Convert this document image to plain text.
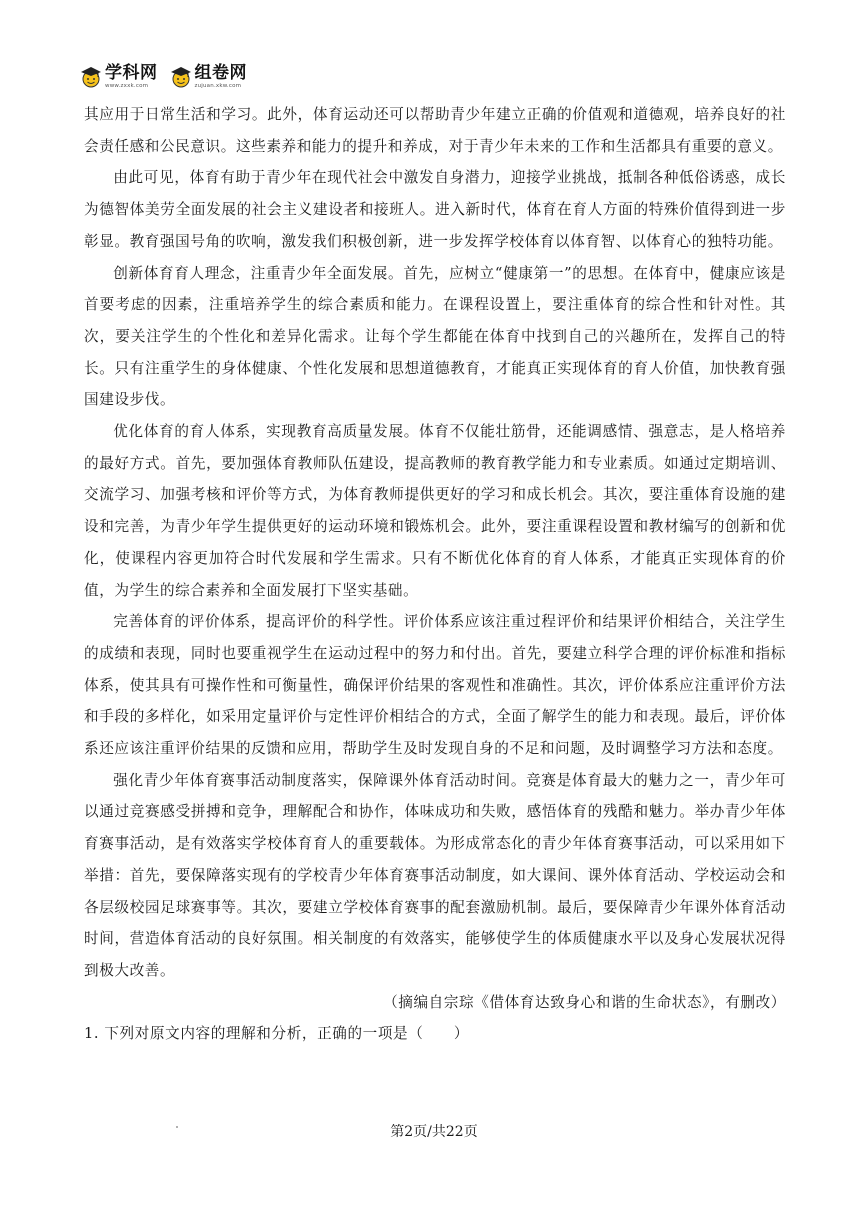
学科网
www.zxxk.com
组卷网
zujuan.xkw.com

其应用于日常生活和学习。此外，体育运动还可以帮助青少年建立正确的价值观和道德观，培养良好的社会责任感和公民意识。这些素养和能力的提升和养成，对于青少年未来的工作和生活都具有重要的意义。

由此可见，体育有助于青少年在现代社会中激发自身潜力，迎接学业挑战，抵制各种低俗诱惑，成长为德智体美劳全面发展的社会主义建设者和接班人。进入新时代，体育在育人方面的特殊价值得到进一步彰显。教育强国号角的吹响，激发我们积极创新，进一步发挥学校体育以体育智、以体育心的独特功能。

创新体育育人理念，注重青少年全面发展。首先，应树立“健康第一”的思想。在体育中，健康应该是首要考虑的因素，注重培养学生的综合素质和能力。在课程设置上，要注重体育的综合性和针对性。其次，要关注学生的个性化和差异化需求。让每个学生都能在体育中找到自己的兴趣所在，发挥自己的特长。只有注重学生的身体健康、个性化发展和思想道德教育，才能真正实现体育的育人价值，加快教育强国建设步伐。

优化体育的育人体系，实现教育高质量发展。体育不仅能壮筋骨，还能调感情、强意志，是人格培养的最好方式。首先，要加强体育教师队伍建设，提高教师的教育教学能力和专业素质。如通过定期培训、交流学习、加强考核和评价等方式，为体育教师提供更好的学习和成长机会。其次，要注重体育设施的建设和完善，为青少年学生提供更好的运动环境和锻炼机会。此外，要注重课程设置和教材编写的创新和优化，使课程内容更加符合时代发展和学生需求。只有不断优化体育的育人体系，才能真正实现体育的价值，为学生的综合素养和全面发展打下坚实基础。

完善体育的评价体系，提高评价的科学性。评价体系应该注重过程评价和结果评价相结合，关注学生的成绩和表现，同时也要重视学生在运动过程中的努力和付出。首先，要建立科学合理的评价标准和指标体系，使其具有可操作性和可衡量性，确保评价结果的客观性和准确性。其次，评价体系应注重评价方法和手段的多样化，如采用定量评价与定性评价相结合的方式，全面了解学生的能力和表现。最后，评价体系还应该注重评价结果的反馈和应用，帮助学生及时发现自身的不足和问题，及时调整学习方法和态度。

强化青少年体育赛事活动制度落实，保障课外体育活动时间。竞赛是体育最大的魅力之一，青少年可以通过竞赛感受拼搏和竞争，理解配合和协作，体味成功和失败，感悟体育的残酷和魅力。举办青少年体育赛事活动，是有效落实学校体育育人的重要载体。为形成常态化的青少年体育赛事活动，可以采用如下举措：首先，要保障落实现有的学校青少年体育赛事活动制度，如大课间、课外体育活动、学校运动会和各层级校园足球赛事等。其次，要建立学校体育赛事的配套激励机制。最后，要保障青少年课外体育活动时间，营造体育活动的良好氛围。相关制度的有效落实，能够使学生的体质健康水平以及身心发展状况得到极大改善。

（摘编自宗琮《借体育达致身心和谐的生命状态》，有删改）

1. 下列对原文内容的理解和分析，正确的一项是（　　）

第2页/共22页
